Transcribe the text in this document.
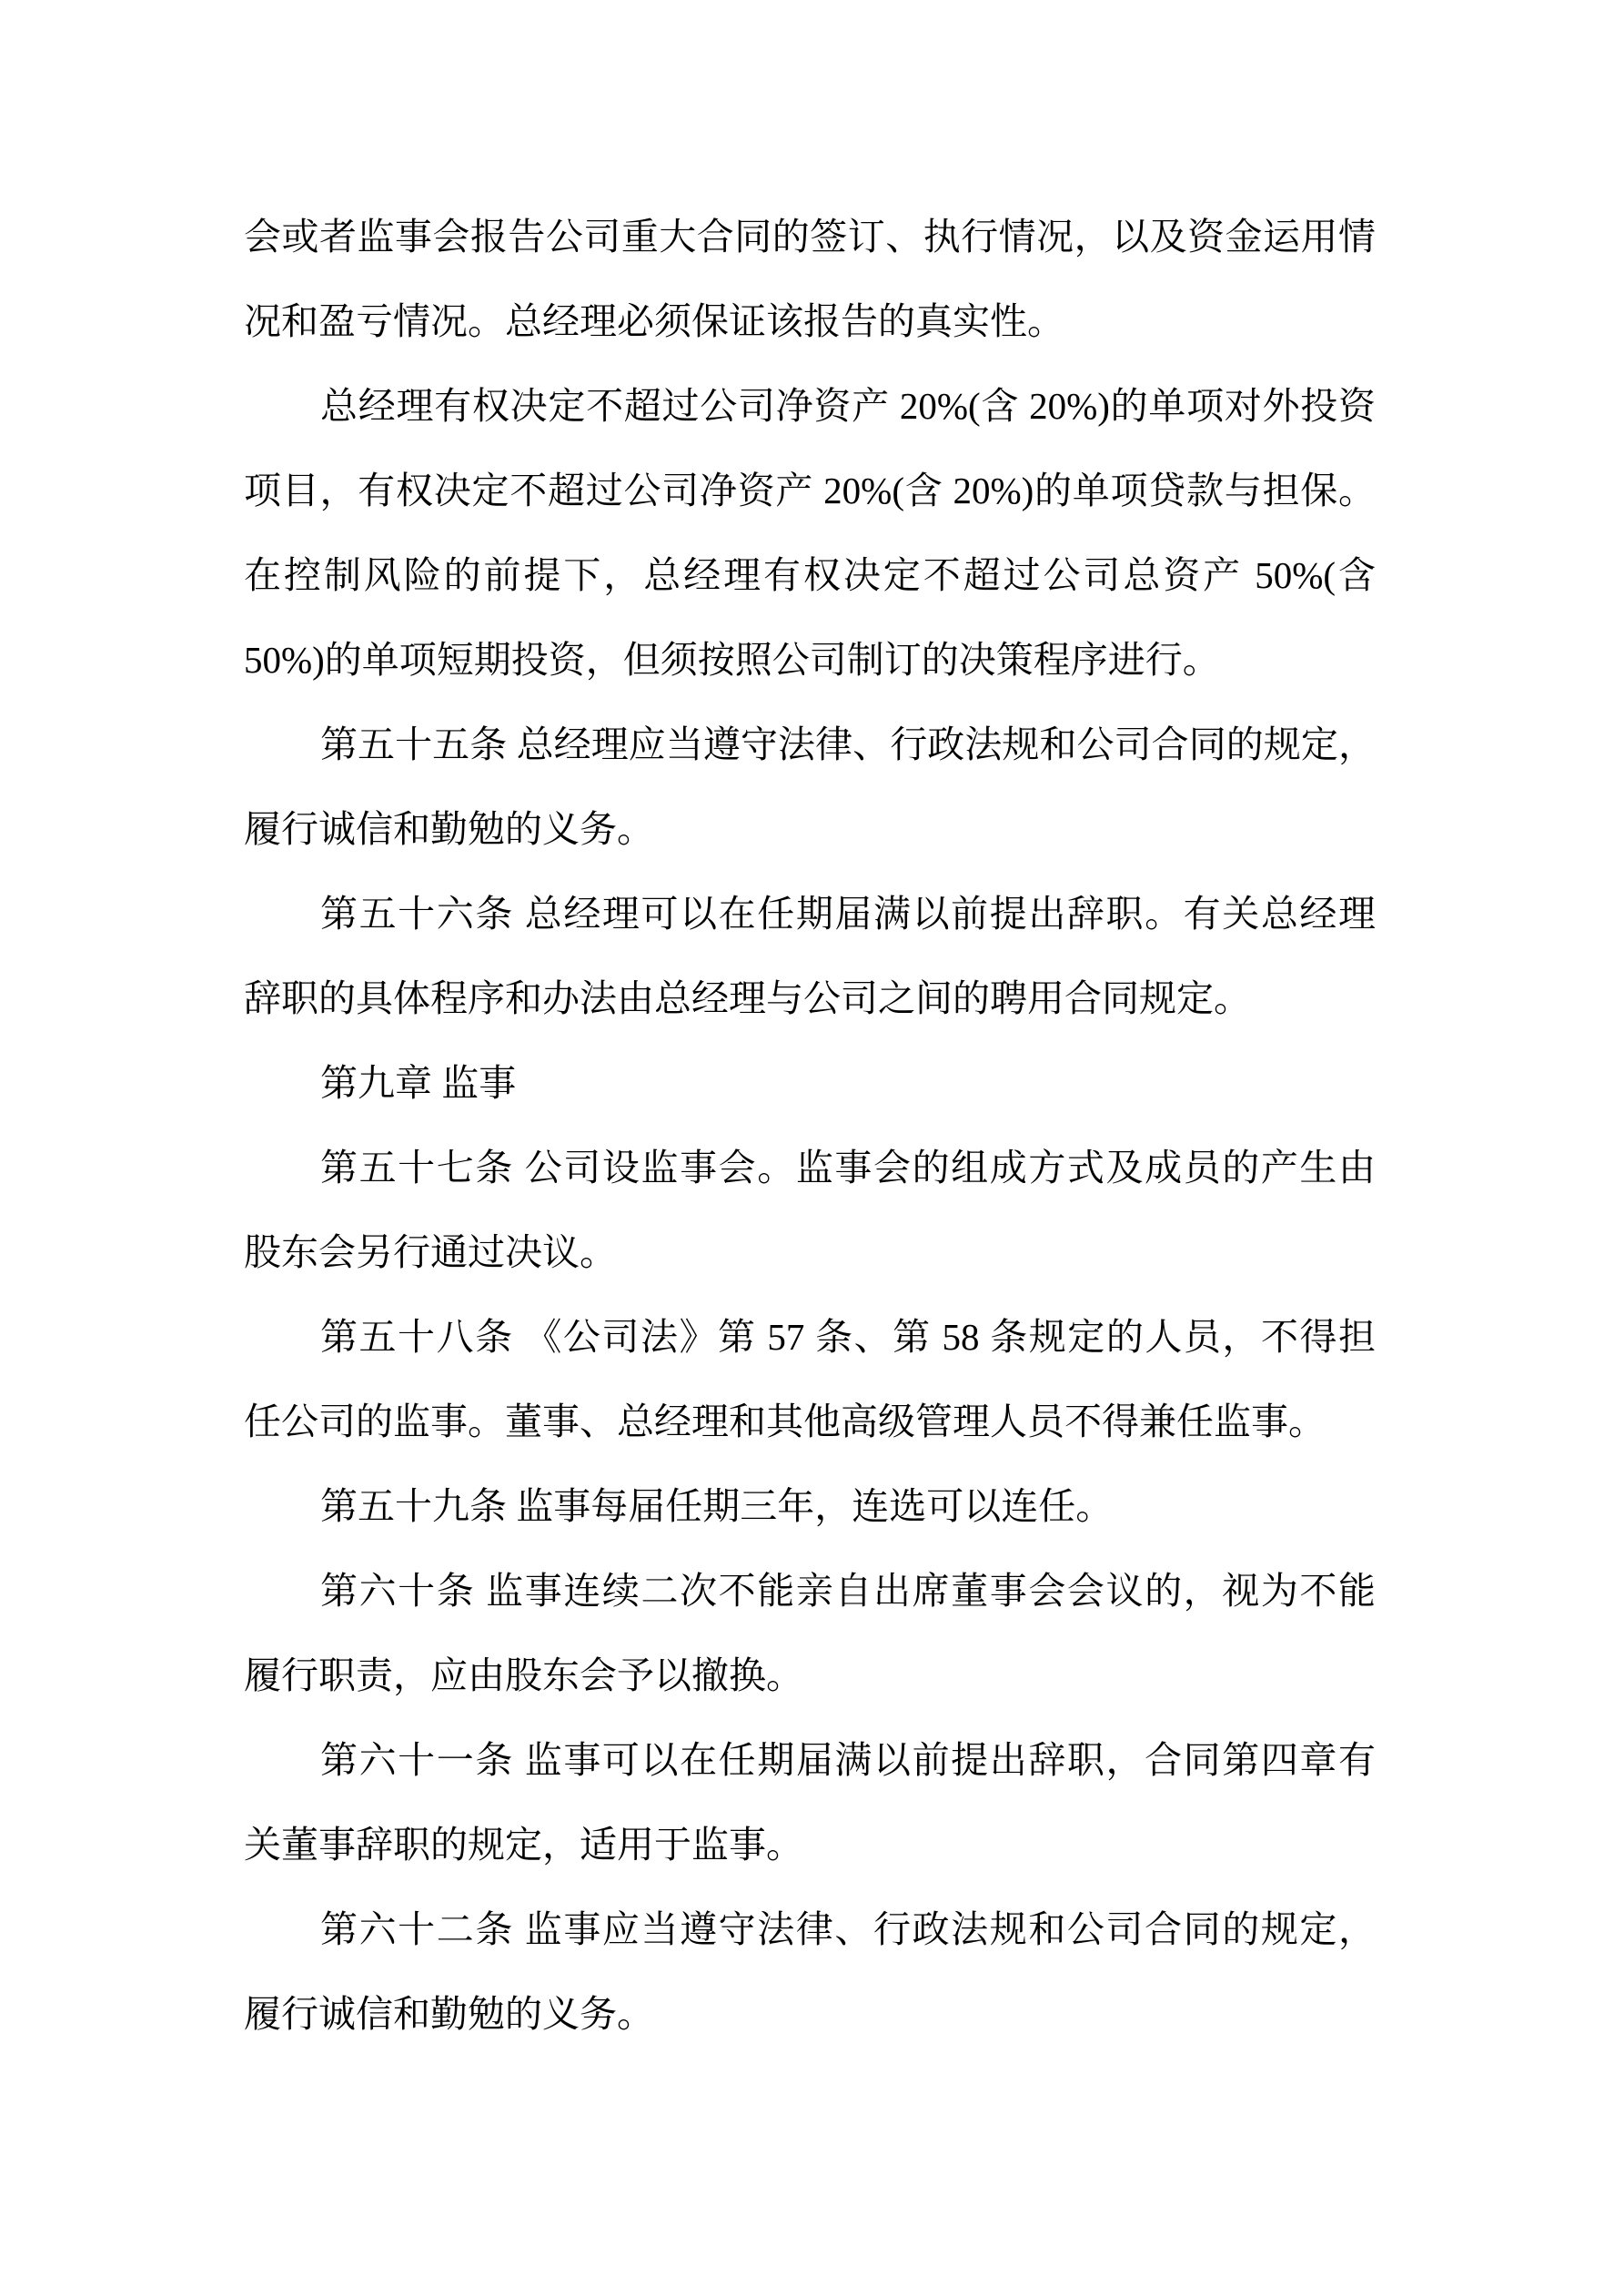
会或者监事会报告公司重大合同的签订、执行情况，以及资金运用情
况和盈亏情况。总经理必须保证该报告的真实性。
总经理有权决定不超过公司净资产 20%(含 20%)的单项对外投资
项目，有权决定不超过公司净资产 20%(含 20%)的单项贷款与担保。
在控制风险的前提下，总经理有权决定不超过公司总资产 50%(含
50%)的单项短期投资，但须按照公司制订的决策程序进行。
第五十五条 总经理应当遵守法律、行政法规和公司合同的规定，
履行诚信和勤勉的义务。
第五十六条 总经理可以在任期届满以前提出辞职。有关总经理
辞职的具体程序和办法由总经理与公司之间的聘用合同规定。
第九章 监事
第五十七条 公司设监事会。监事会的组成方式及成员的产生由
股东会另行通过决议。
第五十八条 《公司法》第 57 条、第 58 条规定的人员，不得担
任公司的监事。董事、总经理和其他高级管理人员不得兼任监事。
第五十九条 监事每届任期三年，连选可以连任。
第六十条 监事连续二次不能亲自出席董事会会议的，视为不能
履行职责，应由股东会予以撤换。
第六十一条 监事可以在任期届满以前提出辞职，合同第四章有
关董事辞职的规定，适用于监事。
第六十二条 监事应当遵守法律、行政法规和公司合同的规定，
履行诚信和勤勉的义务。
